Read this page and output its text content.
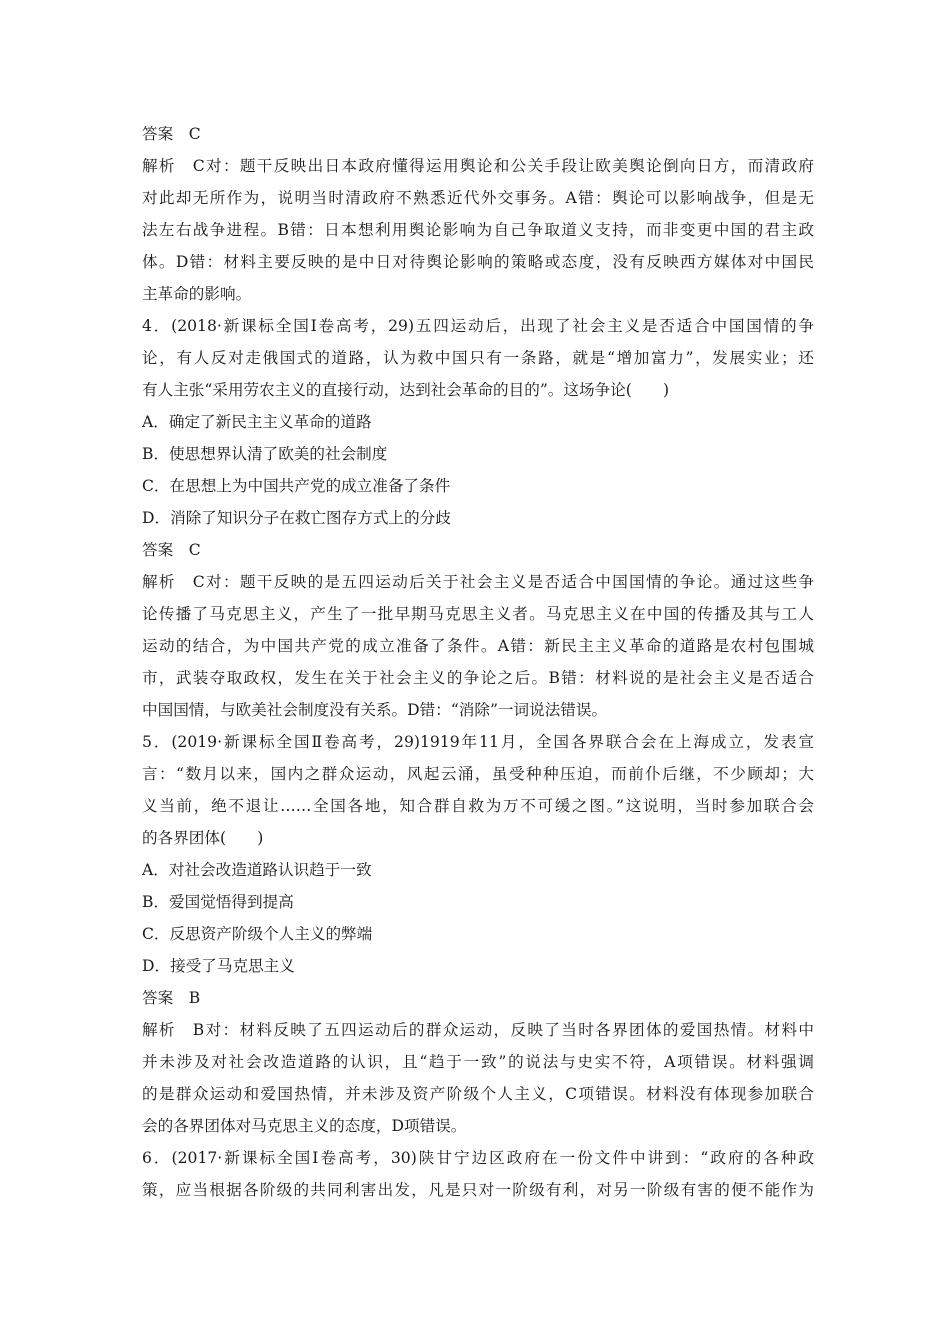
答案　C
解析　C对：题干反映出日本政府懂得运用舆论和公关手段让欧美舆论倒向日方，而清政府
对此却无所作为，说明当时清政府不熟悉近代外交事务。A错：舆论可以影响战争，但是无
法左右战争进程。B错：日本想利用舆论影响为自己争取道义支持，而非变更中国的君主政
体。D错：材料主要反映的是中日对待舆论影响的策略或态度，没有反映西方媒体对中国民
主革命的影响。
4．(2018·新课标全国Ⅰ卷高考，29)五四运动后，出现了社会主义是否适合中国国情的争
论，有人反对走俄国式的道路，认为救中国只有一条路，就是“增加富力”，发展实业；还
有人主张“采用劳农主义的直接行动，达到社会革命的目的”。这场争论(　　)
A．确定了新民主主义革命的道路
B．使思想界认清了欧美的社会制度
C．在思想上为中国共产党的成立准备了条件
D．消除了知识分子在救亡图存方式上的分歧
答案　C
解析　C对：题干反映的是五四运动后关于社会主义是否适合中国国情的争论。通过这些争
论传播了马克思主义，产生了一批早期马克思主义者。马克思主义在中国的传播及其与工人
运动的结合，为中国共产党的成立准备了条件。A错：新民主主义革命的道路是农村包围城
市，武装夺取政权，发生在关于社会主义的争论之后。B错：材料说的是社会主义是否适合
中国国情，与欧美社会制度没有关系。D错：“消除”一词说法错误。
5．(2019·新课标全国Ⅱ卷高考，29)1919年11月，全国各界联合会在上海成立，发表宣
言：“数月以来，国内之群众运动，风起云涌，虽受种种压迫，而前仆后继，不少顾却；大
义当前，绝不退让……全国各地，知合群自救为万不可缓之图。”这说明，当时参加联合会
的各界团体(　　)
A．对社会改造道路认识趋于一致
B．爱国觉悟得到提高
C．反思资产阶级个人主义的弊端
D．接受了马克思主义
答案　B
解析　B对：材料反映了五四运动后的群众运动，反映了当时各界团体的爱国热情。材料中
并未涉及对社会改造道路的认识，且“趋于一致”的说法与史实不符，A项错误。材料强调
的是群众运动和爱国热情，并未涉及资产阶级个人主义，C项错误。材料没有体现参加联合
会的各界团体对马克思主义的态度，D项错误。
6．(2017·新课标全国Ⅰ卷高考，30)陕甘宁边区政府在一份文件中讲到：“政府的各种政
策，应当根据各阶级的共同利害出发，凡是只对一阶级有利，对另一阶级有害的便不能作为
